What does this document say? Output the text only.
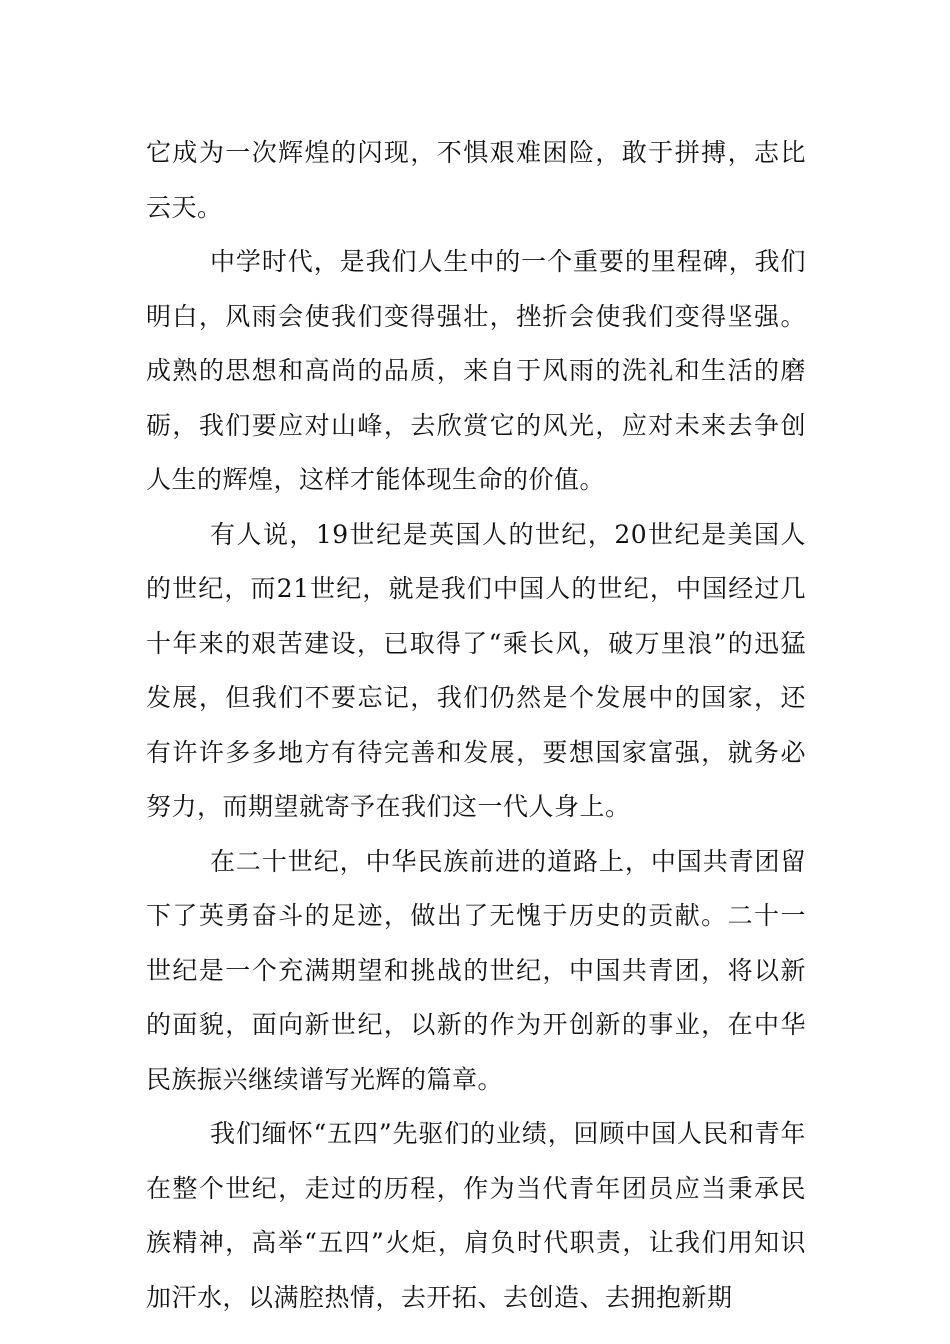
它成为一次辉煌的闪现，不惧艰难困险，敢于拼搏，志比云天。

中学时代，是我们人生中的一个重要的里程碑，我们明白，风雨会使我们变得强壮，挫折会使我们变得坚强。成熟的思想和高尚的品质，来自于风雨的洗礼和生活的磨砺，我们要应对山峰，去欣赏它的风光，应对未来去争创人生的辉煌，这样才能体现生命的价值。

有人说，19世纪是英国人的世纪，20世纪是美国人的世纪，而21世纪，就是我们中国人的世纪，中国经过几十年来的艰苦建设，已取得了“乘长风，破万里浪”的迅猛发展，但我们不要忘记，我们仍然是个发展中的国家，还有许许多多地方有待完善和发展，要想国家富强，就务必努力，而期望就寄予在我们这一代人身上。

在二十世纪，中华民族前进的道路上，中国共青团留下了英勇奋斗的足迹，做出了无愧于历史的贡献。二十一世纪是一个充满期望和挑战的世纪，中国共青团，将以新的面貌，面向新世纪，以新的作为开创新的事业，在中华民族振兴继续谱写光辉的篇章。

我们缅怀“五四”先驱们的业绩，回顾中国人民和青年在整个世纪，走过的历程，作为当代青年团员应当秉承民族精神，高举“五四”火炬，肩负时代职责，让我们用知识加汗水，以满腔热情，去开拓、去创造、去拥抱新期
